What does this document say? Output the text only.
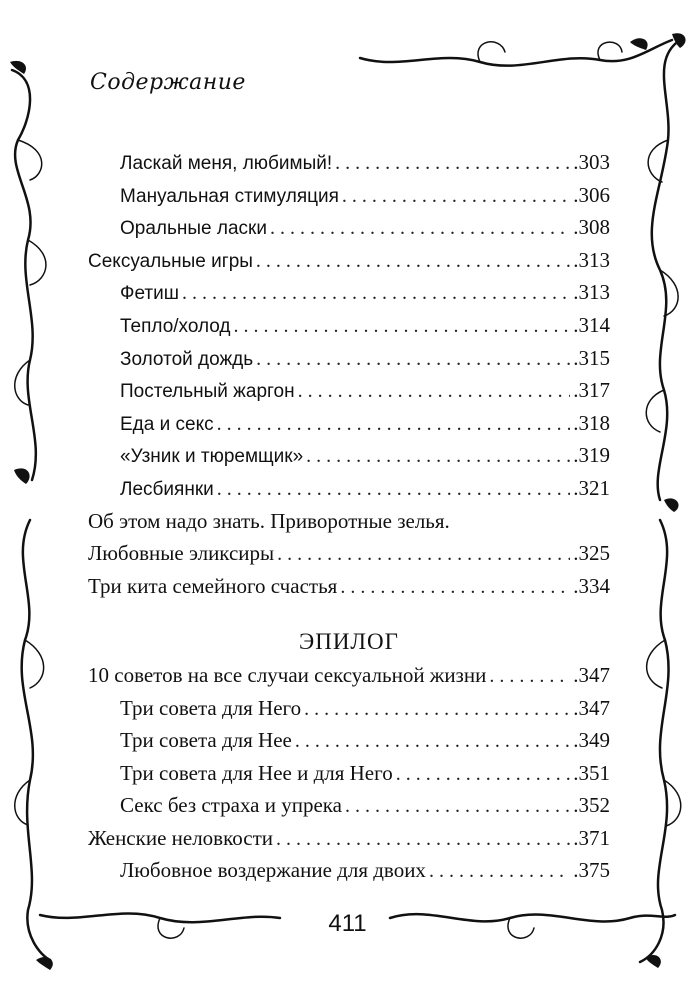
Содержание
Ласкай меня, любимый! . . .	.303
Мануальная стимуляция . . .	.306
Оральные ласки . . .	.308
Сексуальные игры . . .	.313
Фетиш . . .	.313
Тепло/холод . . .	.314
Золотой дождь . . .	.315
Постельный жаргон . . .	.317
Еда и секс . . .	.318
«Узник и тюремщик» . . .	.319
Лесбиянки . . .	.321
Об этом надо знать. Приворотные зелья.
Любовные эликсиры . . .	.325
Три кита семейного счастья . . .	.334
ЭПИЛОГ
10 советов на все случаи сексуальной жизни . . .	.347
Три совета для Него . . .	.347
Три совета для Нее . . .	.349
Три совета для Нее и для Него . . .	.351
Секс без страха и упрека . . .	.352
Женские неловкости . . .	.371
Любовное воздержание для двоих . . .	.375
411
